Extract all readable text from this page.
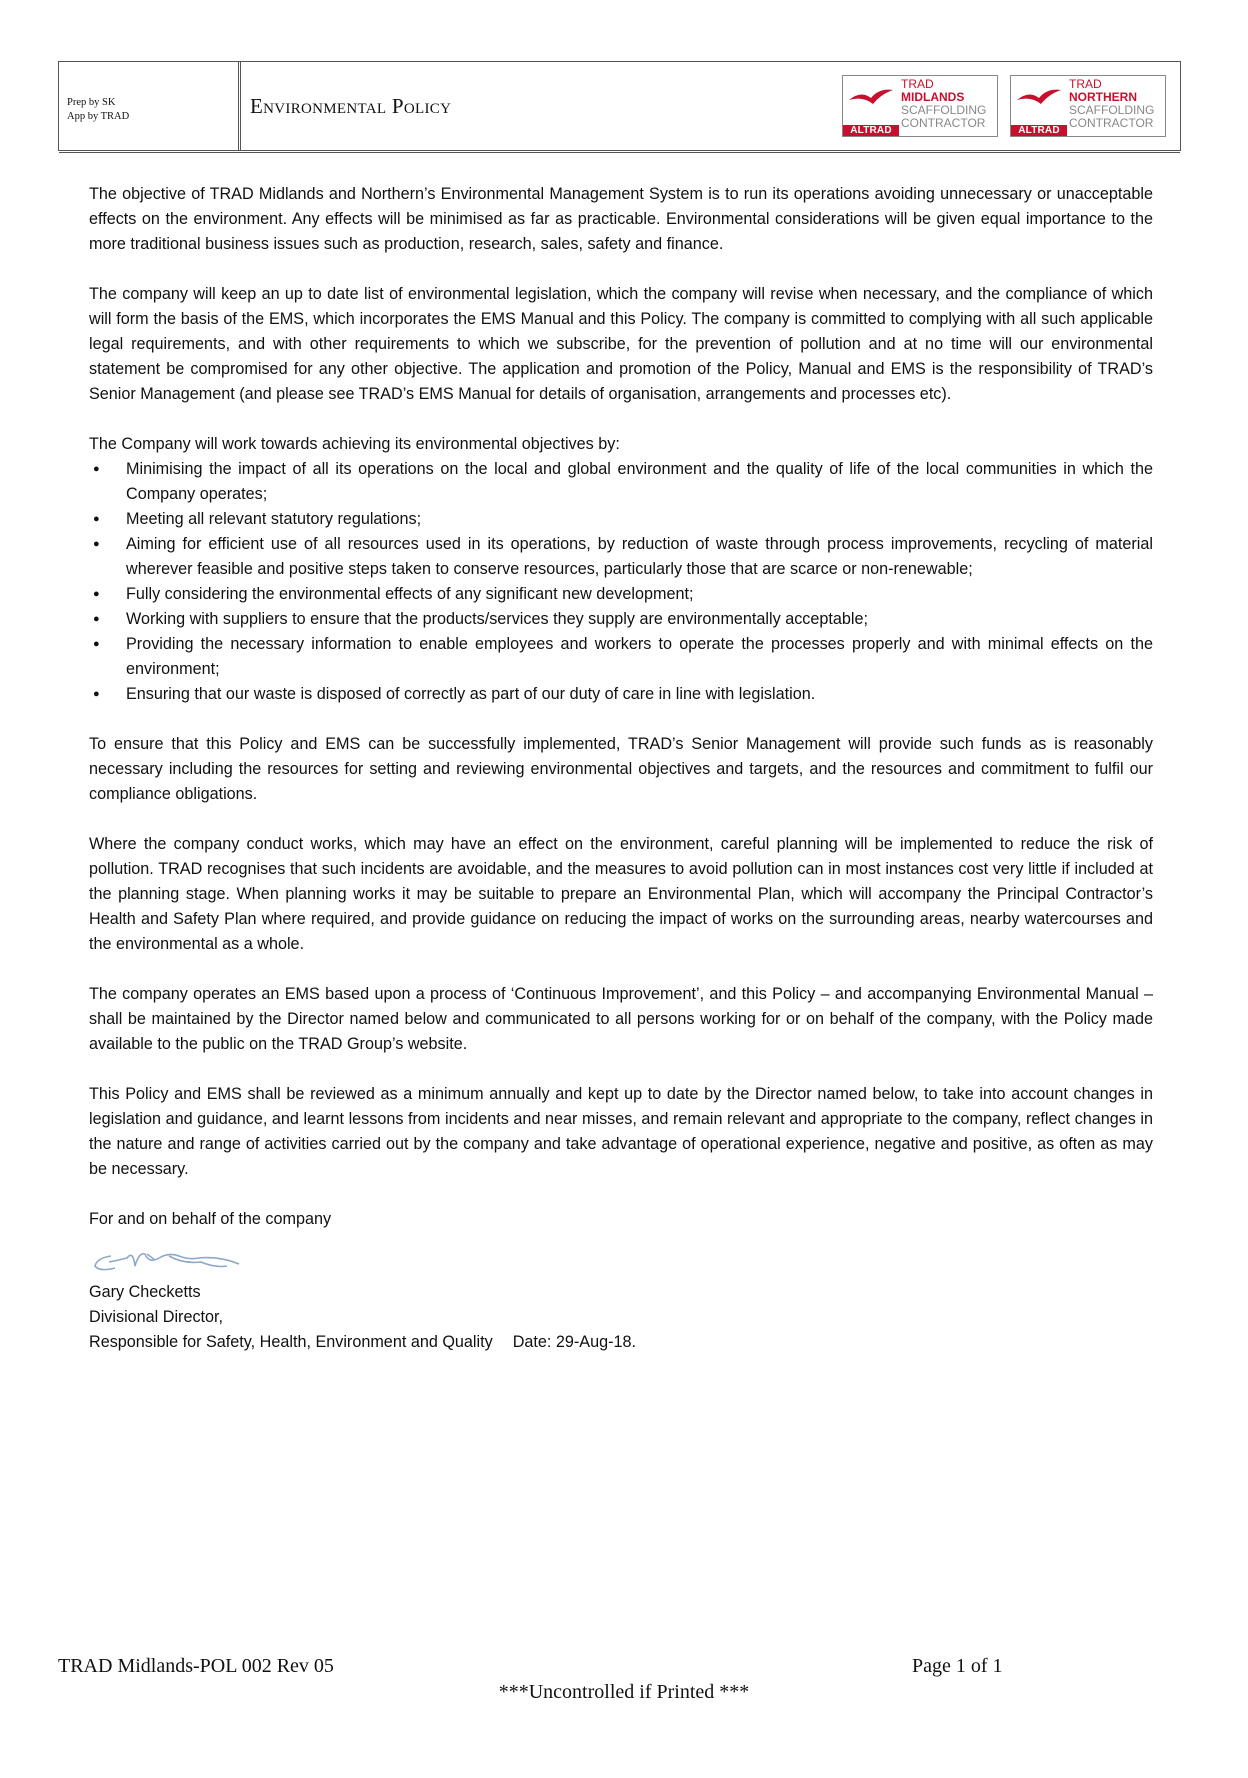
Prep by SK
App by TRAD	Environmental Policy
ALTRAD
TRAD
MIDLANDS
SCAFFOLDING
CONTRACTOR
ALTRAD
TRAD
NORTHERN
SCAFFOLDING
CONTRACTOR

The objective of TRAD Midlands and Northern’s Environmental Management System is to run its operations avoiding unnecessary or unacceptable effects on the environment. Any effects will be minimised as far as practicable. Environmental considerations will be given equal importance to the more traditional business issues such as production, research, sales, safety and finance.

The company will keep an up to date list of environmental legislation, which the company will revise when necessary, and the compliance of which will form the basis of the EMS, which incorporates the EMS Manual and this Policy. The company is committed to complying with all such applicable legal requirements, and with other requirements to which we subscribe, for the prevention of pollution and at no time will our environmental statement be compromised for any other objective. The application and promotion of the Policy, Manual and EMS is the responsibility of TRAD’s Senior Management (and please see TRAD’s EMS Manual for details of organisation, arrangements and processes etc).

The Company will work towards achieving its environmental objectives by:
● Minimising the impact of all its operations on the local and global environment and the quality of life of the local communities in which the Company operates;
● Meeting all relevant statutory regulations;
● Aiming for efficient use of all resources used in its operations, by reduction of waste through process improvements, recycling of material wherever feasible and positive steps taken to conserve resources, particularly those that are scarce or non-renewable;
● Fully considering the environmental effects of any significant new development;
● Working with suppliers to ensure that the products/services they supply are environmentally acceptable;
● Providing the necessary information to enable employees and workers to operate the processes properly and with minimal effects on the environment;
● Ensuring that our waste is disposed of correctly as part of our duty of care in line with legislation.

To ensure that this Policy and EMS can be successfully implemented, TRAD’s Senior Management will provide such funds as is reasonably necessary including the resources for setting and reviewing environmental objectives and targets, and the resources and commitment to fulfil our compliance obligations.

Where the company conduct works, which may have an effect on the environment, careful planning will be implemented to reduce the risk of pollution. TRAD recognises that such incidents are avoidable, and the measures to avoid pollution can in most instances cost very little if included at the planning stage. When planning works it may be suitable to prepare an Environmental Plan, which will accompany the Principal Contractor’s Health and Safety Plan where required, and provide guidance on reducing the impact of works on the surrounding areas, nearby watercourses and the environmental as a whole.

The company operates an EMS based upon a process of ‘Continuous Improvement’, and this Policy – and accompanying Environmental Manual – shall be maintained by the Director named below and communicated to all persons working for or on behalf of the company, with the Policy made available to the public on the TRAD Group’s website.

This Policy and EMS shall be reviewed as a minimum annually and kept up to date by the Director named below, to take into account changes in legislation and guidance, and learnt lessons from incidents and near misses, and remain relevant and appropriate to the company, reflect changes in the nature and range of activities carried out by the company and take advantage of operational experience, negative and positive, as often as may be necessary.

For and on behalf of the company
Gary Checketts
Divisional Director,
Responsible for Safety, Health, Environment and Quality Date: 29-Aug-18.
TRAD Midlands-POL 002 Rev 05	Page 1 of 1
***Uncontrolled if Printed ***
